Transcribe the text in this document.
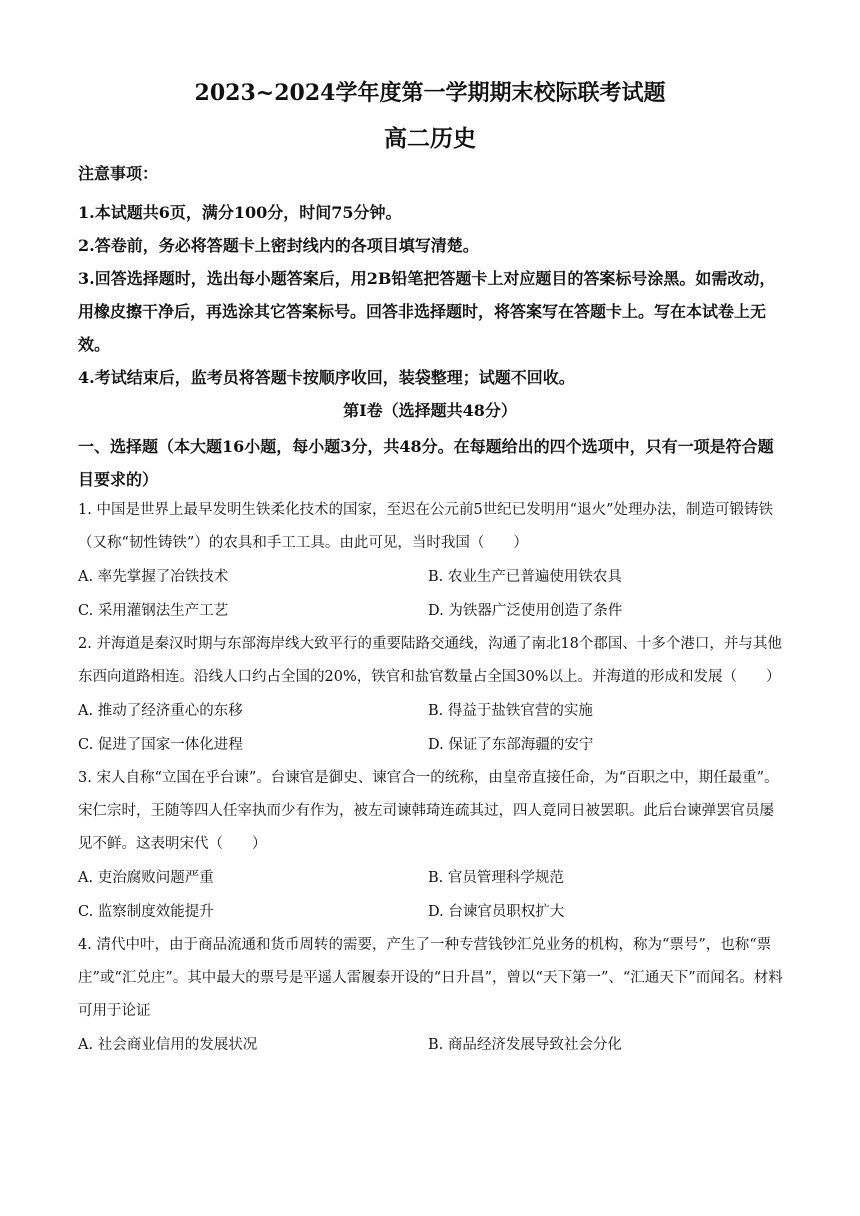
2023~2024学年度第一学期期末校际联考试题
高二历史
注意事项：
1.本试题共6页，满分100分，时间75分钟。
2.答卷前，务必将答题卡上密封线内的各项目填写清楚。
3.回答选择题时，选出每小题答案后，用2B铅笔把答题卡上对应题目的答案标号涂黑。如需改动，用橡皮擦干净后，再选涂其它答案标号。回答非选择题时，将答案写在答题卡上。写在本试卷上无效。
4.考试结束后，监考员将答题卡按顺序收回，装袋整理；试题不回收。
第Ⅰ卷（选择题共48分）
一、选择题（本大题16小题，每小题3分，共48分。在每题给出的四个选项中，只有一项是符合题目要求的）
1. 中国是世界上最早发明生铁柔化技术的国家，至迟在公元前5世纪已发明用“退火”处理办法，制造可锻铸铁（又称“韧性铸铁”）的农具和手工工具。由此可见，当时我国（　　）
A. 率先掌握了冶铁技术	B. 农业生产已普遍使用铁农具
C. 采用灌钢法生产工艺	D. 为铁器广泛使用创造了条件
2. 并海道是秦汉时期与东部海岸线大致平行的重要陆路交通线，沟通了南北18个郡国、十多个港口，并与其他东西向道路相连。沿线人口约占全国的20%，铁官和盐官数量占全国30%以上。并海道的形成和发展（　　）
A. 推动了经济重心的东移	B. 得益于盐铁官营的实施
C. 促进了国家一体化进程	D. 保证了东部海疆的安宁
3. 宋人自称“立国在乎台谏”。台谏官是御史、谏官合一的统称，由皇帝直接任命，为“百职之中，期任最重”。宋仁宗时，王随等四人任宰执而少有作为，被左司谏韩琦连疏其过，四人竟同日被罢职。此后台谏弹罢官员屡见不鲜。这表明宋代（　　）
A. 吏治腐败问题严重	B. 官员管理科学规范
C. 监察制度效能提升	D. 台谏官员职权扩大
4. 清代中叶，由于商品流通和货币周转的需要，产生了一种专营钱钞汇兑业务的机构，称为“票号”，也称“票庄”或“汇兑庄”。其中最大的票号是平遥人雷履泰开设的“日升昌”，曾以“天下第一”、“汇通天下”而闻名。材料可用于论证
A. 社会商业信用的发展状况	B. 商品经济发展导致社会分化
